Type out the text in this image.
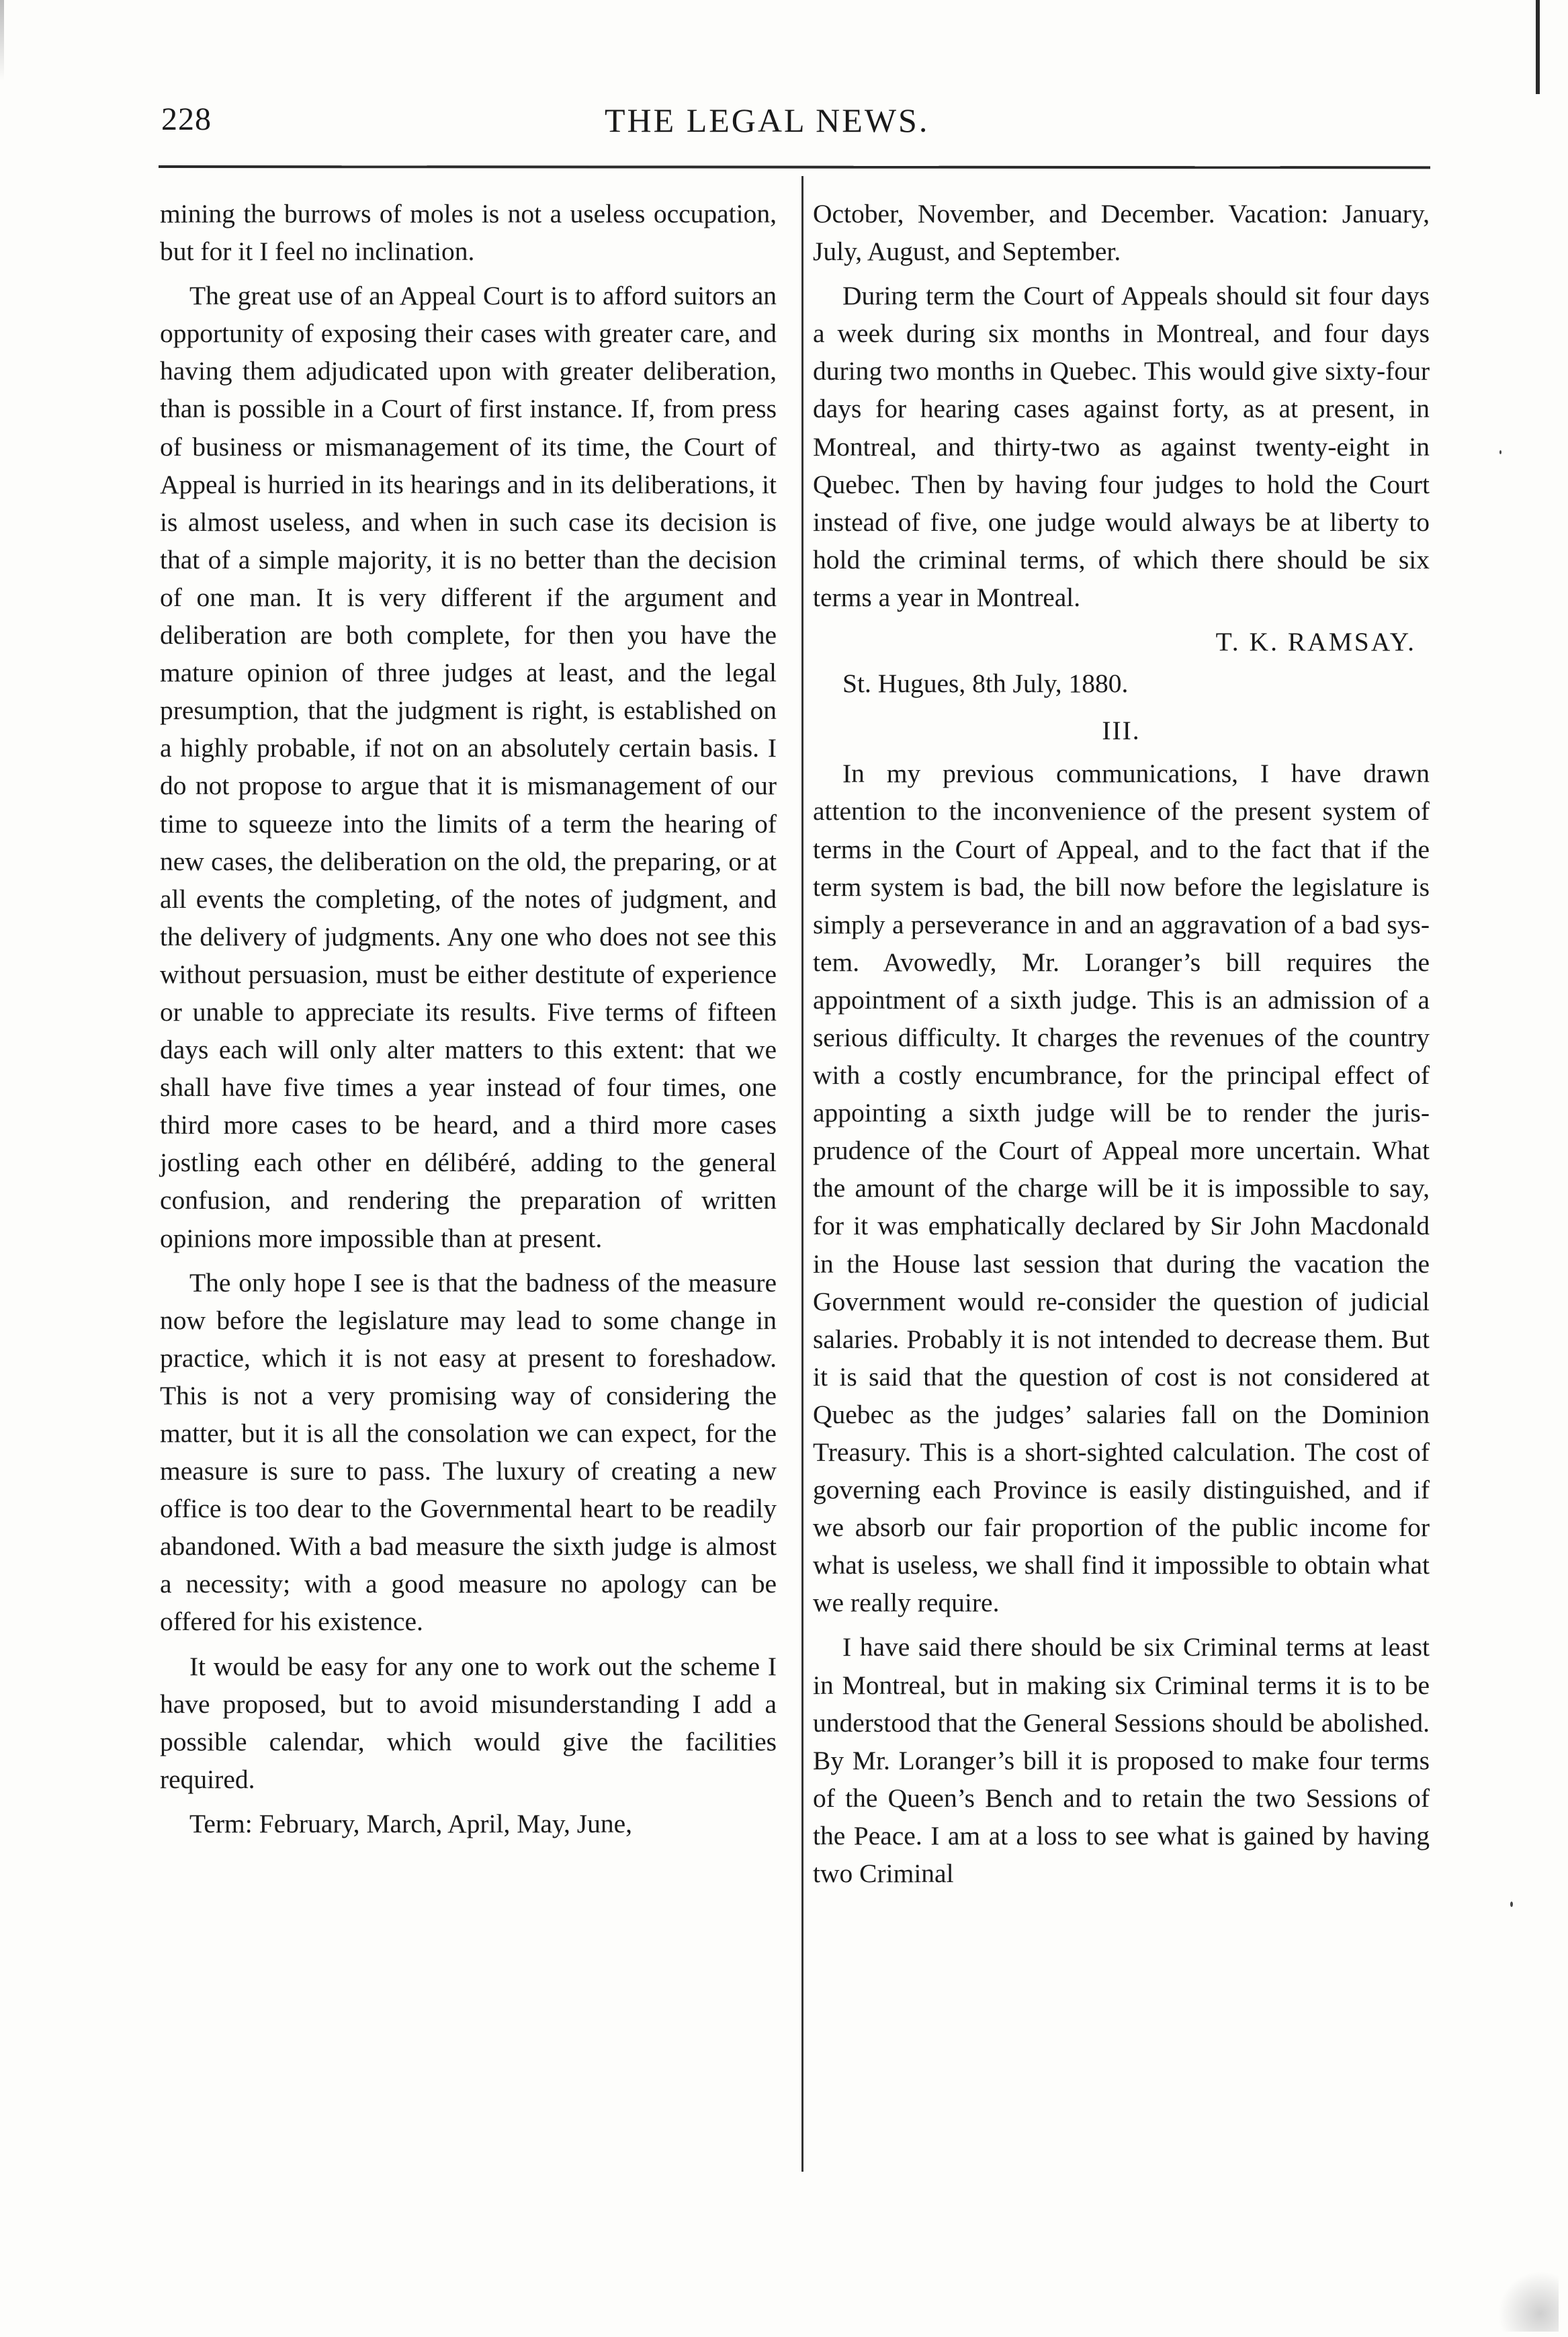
228	THE LEGAL NEWS.

mining the burrows of moles is not a useless occupation, but for it I feel no inclination.

The great use of an Appeal Court is to afford suitors an opportunity of exposing their cases with greater care, and having them adjudicated upon with greater deliberation, than is possible in a Court of first instance. If, from press of business or mismanagement of its time, the Court of Appeal is hurried in its hearings and in its deliberations, it is almost useless, and when in such case its decision is that of a simple majority, it is no better than the decision of one man. It is very different if the argument and deliberation are both complete, for then you have the mature opinion of three judges at least, and the legal presumption, that the judgment is right, is established on a highly probable, if not on an absolutely certain basis. I do not propose to argue that it is mismanagement of our time to squeeze into the limits of a term the hearing of new cases, the deliberation on the old, the preparing, or at all events the completing, of the notes of judgment, and the delivery of judgments. Any one who does not see this without persuasion, must be either destitute of experience or unable to appreciate its results. Five terms of fifteen days each will only alter matters to this extent: that we shall have five times a year instead of four times, one third more cases to be heard, and a third more cases jostling each other en délibéré, adding to the general confusion, and rendering the preparation of written opinions more impossible than at present.

The only hope I see is that the badness of the measure now before the legislature may lead to some change in practice, which it is not easy at present to foreshadow. This is not a very promising way of considering the matter, but it is all the consolation we can expect, for the measure is sure to pass. The luxury of creating a new office is too dear to the Governmental heart to be readily abandoned. With a bad measure the sixth judge is almost a necessity; with a good measure no apology can be offered for his existence.

It would be easy for any one to work out the scheme I have proposed, but to avoid misunderstanding I add a possible calendar, which would give the facilities required.

Term: February, March, April, May, June,

October, November, and December. Vacation: January, July, August, and September.

During term the Court of Appeals should sit four days a week during six months in Montreal, and four days during two months in Quebec. This would give sixty-four days for hearing cases against forty, as at present, in Montreal, and thirty-two as against twenty-eight in Quebec. Then by having four judges to hold the Court instead of five, one judge would always be at liberty to hold the criminal terms, of which there should be six terms a year in Montreal.

T. K. RAMSAY.
St. Hugues, 8th July, 1880.
III.

In my previous communications, I have drawn attention to the inconvenience of the present system of terms in the Court of Appeal, and to the fact that if the term system is bad, the bill now before the legislature is simply a perseverance in and an aggravation of a bad system. Avowedly, Mr. Loranger’s bill requires the appointment of a sixth judge. This is an admission of a serious difficulty. It charges the revenues of the country with a costly encumbrance, for the principal effect of appointing a sixth judge will be to render the jurisprudence of the Court of Appeal more uncertain. What the amount of the charge will be it is impossible to say, for it was emphatically declared by Sir John Macdonald in the House last session that during the vacation the Government would re-consider the question of judicial salaries. Probably it is not intended to decrease them. But it is said that the question of cost is not considered at Quebec as the judges’ salaries fall on the Dominion Treasury. This is a short-sighted calculation. The cost of governing each Province is easily distinguished, and if we absorb our fair proportion of the public income for what is useless, we shall find it impossible to obtain what we really require.

I have said there should be six Criminal terms at least in Montreal, but in making six Criminal terms it is to be understood that the General Sessions should be abolished. By Mr. Loranger’s bill it is proposed to make four terms of the Queen’s Bench and to retain the two Sessions of the Peace. I am at a loss to see what is gained by having two Criminal
